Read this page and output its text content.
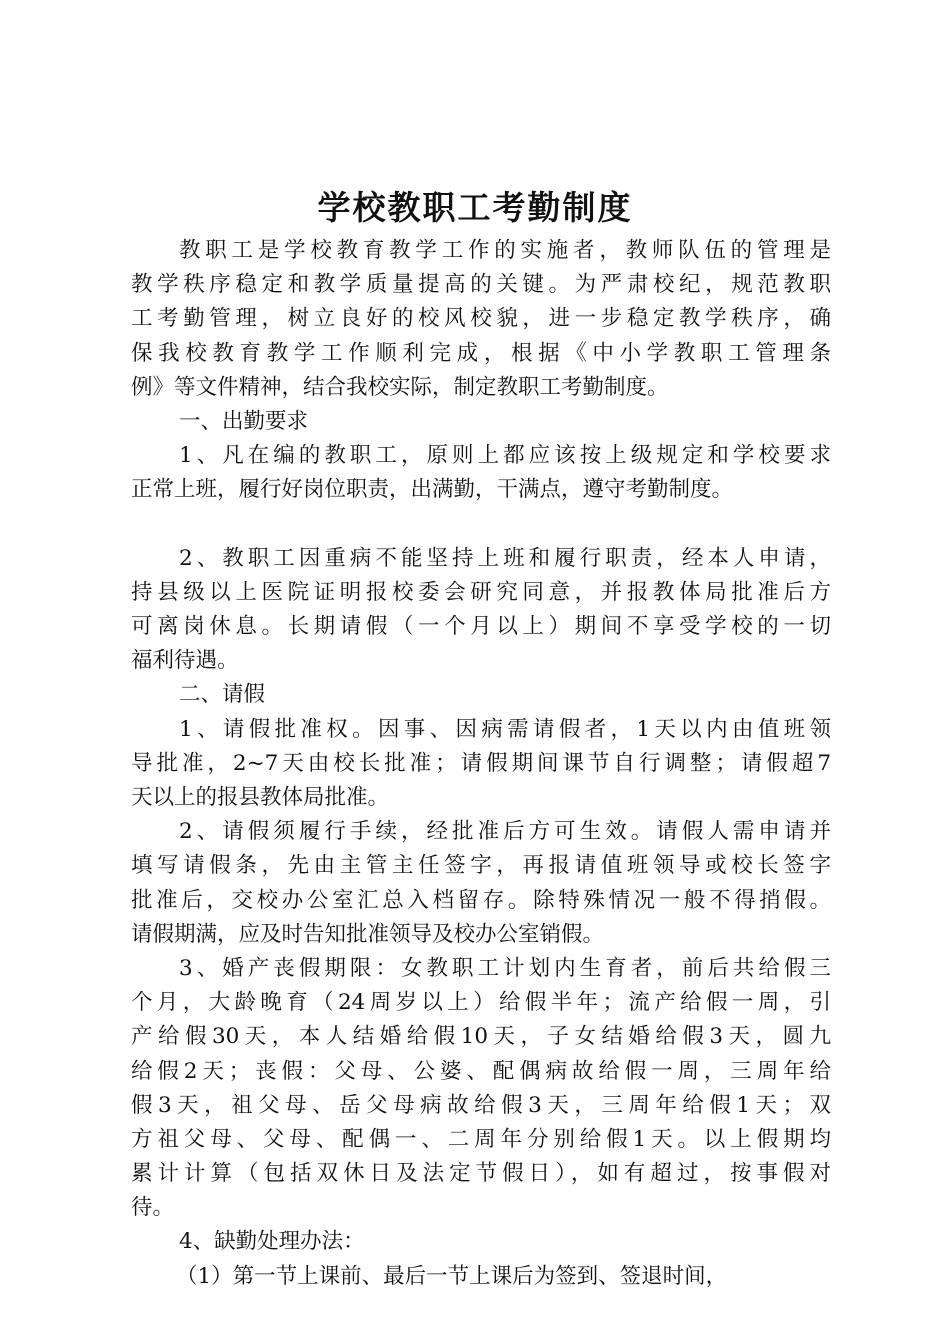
学校教职工考勤制度
教职工是学校教育教学工作的实施者，教师队伍的管理是
教学秩序稳定和教学质量提高的关键。为严肃校纪，规范教职
工考勤管理，树立良好的校风校貌，进一步稳定教学秩序，确
保我校教育教学工作顺利完成，根据《中小学教职工管理条
例》等文件精神，结合我校实际，制定教职工考勤制度。
一、出勤要求
1、凡在编的教职工，原则上都应该按上级规定和学校要求
正常上班，履行好岗位职责，出满勤，干满点，遵守考勤制度。
2、教职工因重病不能坚持上班和履行职责，经本人申请，
持县级以上医院证明报校委会研究同意，并报教体局批准后方
可离岗休息。长期请假（一个月以上）期间不享受学校的一切
福利待遇。
二、请假
1、请假批准权。因事、因病需请假者，1天以内由值班领
导批准，2~7天由校长批准；请假期间课节自行调整；请假超7
天以上的报县教体局批准。
2、请假须履行手续，经批准后方可生效。请假人需申请并
填写请假条，先由主管主任签字，再报请值班领导或校长签字
批准后，交校办公室汇总入档留存。除特殊情况一般不得捎假。
请假期满，应及时告知批准领导及校办公室销假。
3、婚产丧假期限：女教职工计划内生育者，前后共给假三
个月，大龄晚育（24周岁以上）给假半年；流产给假一周，引
产给假30天，本人结婚给假10天，子女结婚给假3天，圆九
给假2天；丧假：父母、公婆、配偶病故给假一周，三周年给
假3天，祖父母、岳父母病故给假3天，三周年给假1天；双
方祖父母、父母、配偶一、二周年分别给假1天。以上假期均
累计计算（包括双休日及法定节假日），如有超过，按事假对
待。
4、缺勤处理办法：
（1）第一节上课前、最后一节上课后为签到、签退时间，
